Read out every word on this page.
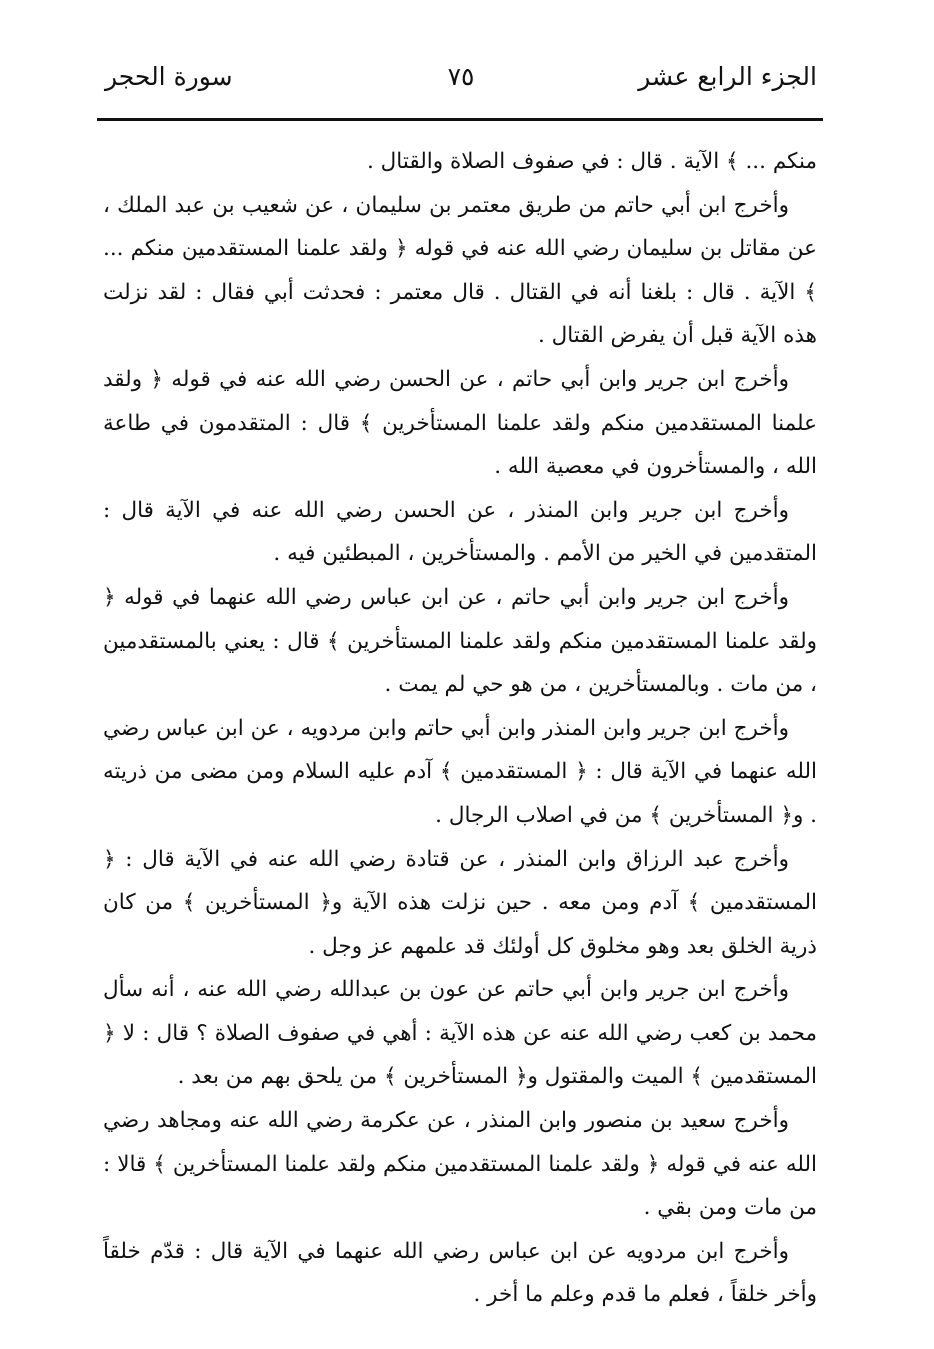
الجزء الرابع عشر
٧٥
سورة الحجر

منكم ... ﴾ الآية . قال : في صفوف الصلاة والقتال .

وأخرج ابن أبي حاتم من طريق معتمر بن سليمان ، عن شعيب بن عبد الملك ، عن مقاتل بن سليمان رضي الله عنه في قوله ﴿ ولقد علمنا المستقدمين منكم ... ﴾ الآية . قال : بلغنا أنه في القتال . قال معتمر : فحدثت أبي فقال : لقد نزلت هذه الآية قبل أن يفرض القتال .

وأخرج ابن جرير وابن أبي حاتم ، عن الحسن رضي الله عنه في قوله ﴿ ولقد علمنا المستقدمين منكم ولقد علمنا المستأخرين ﴾ قال : المتقدمون في طاعة الله ، والمستأخرون في معصية الله .

وأخرج ابن جرير وابن المنذر ، عن الحسن رضي الله عنه في الآية قال : المتقدمين في الخير من الأمم . والمستأخرين ، المبطئين فيه .

وأخرج ابن جرير وابن أبي حاتم ، عن ابن عباس رضي الله عنهما في قوله ﴿ ولقد علمنا المستقدمين منكم ولقد علمنا المستأخرين ﴾ قال : يعني بالمستقدمين ، من مات . وبالمستأخرين ، من هو حي لم يمت .

وأخرج ابن جرير وابن المنذر وابن أبي حاتم وابن مردويه ، عن ابن عباس رضي الله عنهما في الآية قال : ﴿ المستقدمين ﴾ آدم عليه السلام ومن مضى من ذريته . و﴿ المستأخرين ﴾ من في اصلاب الرجال .

وأخرج عبد الرزاق وابن المنذر ، عن قتادة رضي الله عنه في الآية قال : ﴿ المستقدمين ﴾ آدم ومن معه . حين نزلت هذه الآية و﴿ المستأخرين ﴾ من كان ذرية الخلق بعد وهو مخلوق كل أولئك قد علمهم عز وجل .

وأخرج ابن جرير وابن أبي حاتم عن عون بن عبدالله رضي الله عنه ، أنه سأل محمد بن كعب رضي الله عنه عن هذه الآية : أهي في صفوف الصلاة ؟ قال : لا ﴿ المستقدمين ﴾ الميت والمقتول و﴿ المستأخرين ﴾ من يلحق بهم من بعد .

وأخرج سعيد بن منصور وابن المنذر ، عن عكرمة رضي الله عنه ومجاهد رضي الله عنه في قوله ﴿ ولقد علمنا المستقدمين منكم ولقد علمنا المستأخرين ﴾ قالا : من مات ومن بقي .

وأخرج ابن مردويه عن ابن عباس رضي الله عنهما في الآية قال : قدّم خلقاً وأخر خلقاً ، فعلم ما قدم وعلم ما أخر .
